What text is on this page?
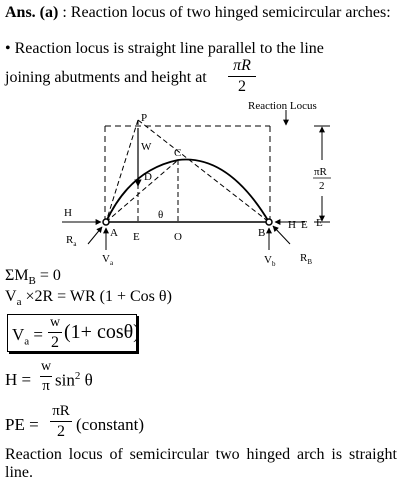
Ans. (a) : Reaction locus of two hinged semicircular arches:
• Reaction locus is straight line parallel to the line
joining abutments and height at
πR
2
Reaction Locus
πR
2
P
W C
D
θ
H
$R_a$
A E	O	B
E
H E
$R_B$
$V_a$	$V_b$
$\Sigma M_B = 0$
$V_a \times 2R$ = WR (1 + Cos θ)
$V_a$ =
w
2 (1+ cosθ)
H =
w
π $\sin^2 \theta$
PE =
πR
2 (constant)
Reaction locus of semicircular two hinged arch is straight line.
